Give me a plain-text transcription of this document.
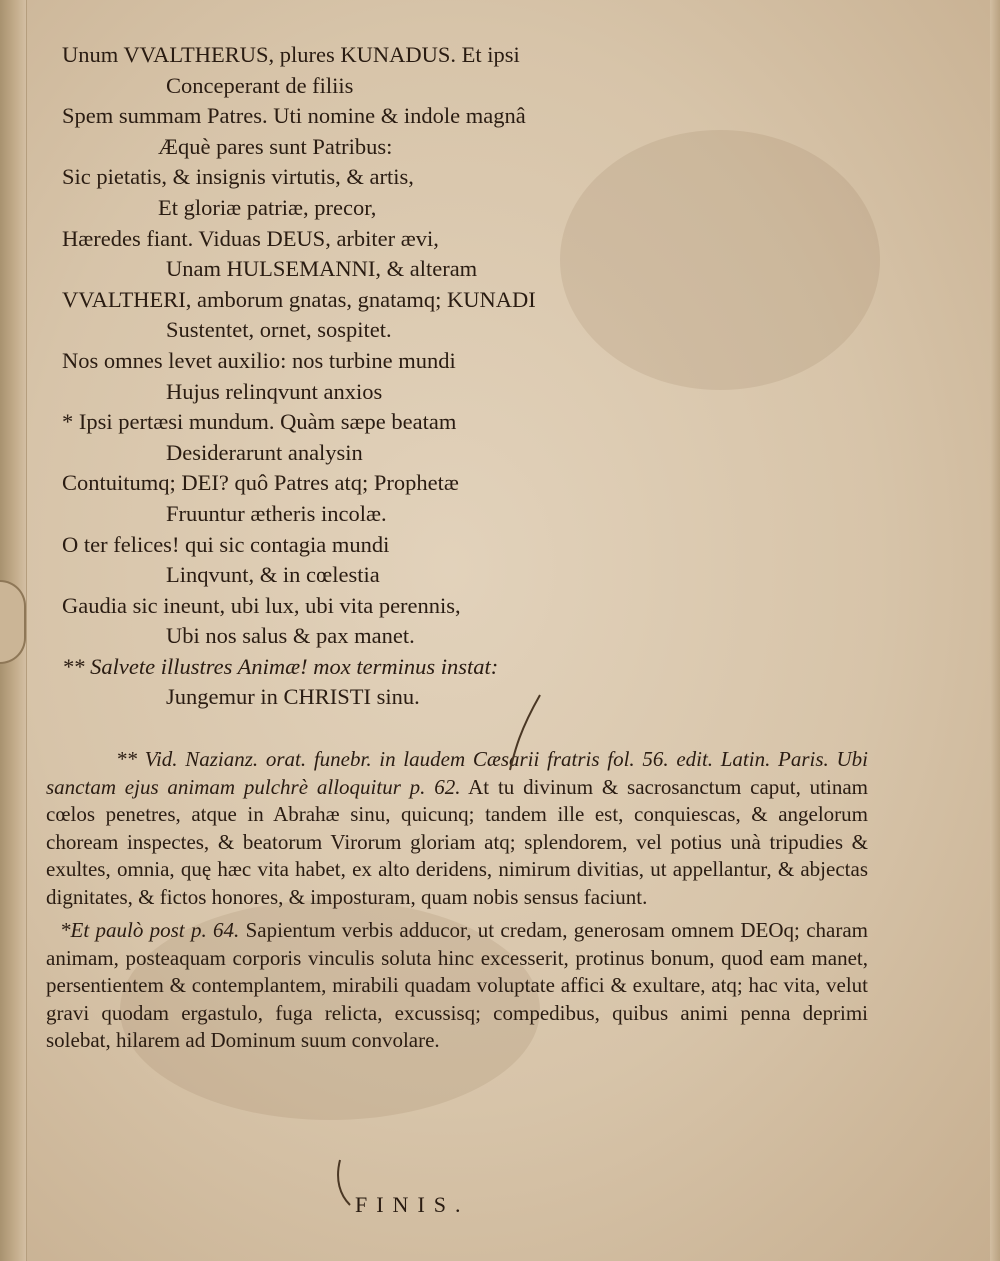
Unum VVALTHERUS, plures KUNADUS. Et ipsi
Conceperant de filiis
Spem summam Patres. Uti nomine & indole magnâ
Æquè pares sunt Patribus:
Sic pietatis, & insignis virtutis, & artis,
Et gloriæ patriæ, precor,
Hæredes fiant. Viduas DEUS, arbiter ævi,
Unam HULSEMANNI, & alteram
VVALTHERI, amborum gnatas, gnatamq; KUNADI
Sustentet, ornet, sospitet.
Nos omnes levet auxilio: nos turbine mundi
Hujus relinqvunt anxios
* Ipsi pertæsi mundum. Quàm sæpe beatam
Desiderarunt analysin
Contuitumq; DEI? quô Patres atq; Prophetæ
Fruuntur ætheris incolæ.
O ter felices! qui sic contagia mundi
Linqvunt, & in cœlestia
Gaudia sic ineunt, ubi lux, ubi vita perennis,
Ubi nos salus & pax manet.
** Salvete illustres Animæ! mox terminus instat:
Jungemur in CHRISTI sinu.

** Vid. Nazianz. orat. funebr. in laudem Cæsarii fratris fol. 56. edit. Latin. Paris. Ubi sanctam ejus animam pulchrè alloquitur p. 62. At tu divinum & sacrosanctum caput, utinam cœlos penetres, atque in Abrahæ sinu, quicunq; tandem ille est, conquiescas, & angelorum choream inspectes, & beatorum Virorum gloriam atq; splendorem, vel potius unà tripudies & exultes, omnia, quę hæc vita habet, ex alto deridens, nimirum divitias, ut appellantur, & abjectas dignitates, & fictos honores, & imposturam, quam nobis sensus faciunt.

*Et paulò post p. 64. Sapientum verbis adducor, ut credam, generosam omnem DEOq; charam animam, posteaquam corporis vinculis soluta hinc excesserit, protinus bonum, quod eam manet, persentientem & contemplantem, mirabili quadam voluptate affici & exultare, atq; hac vita, velut gravi quodam ergastulo, fuga relicta, excussisq; compedibus, quibus animi penna deprimi solebat, hilarem ad Dominum suum convolare.

FINIS.
